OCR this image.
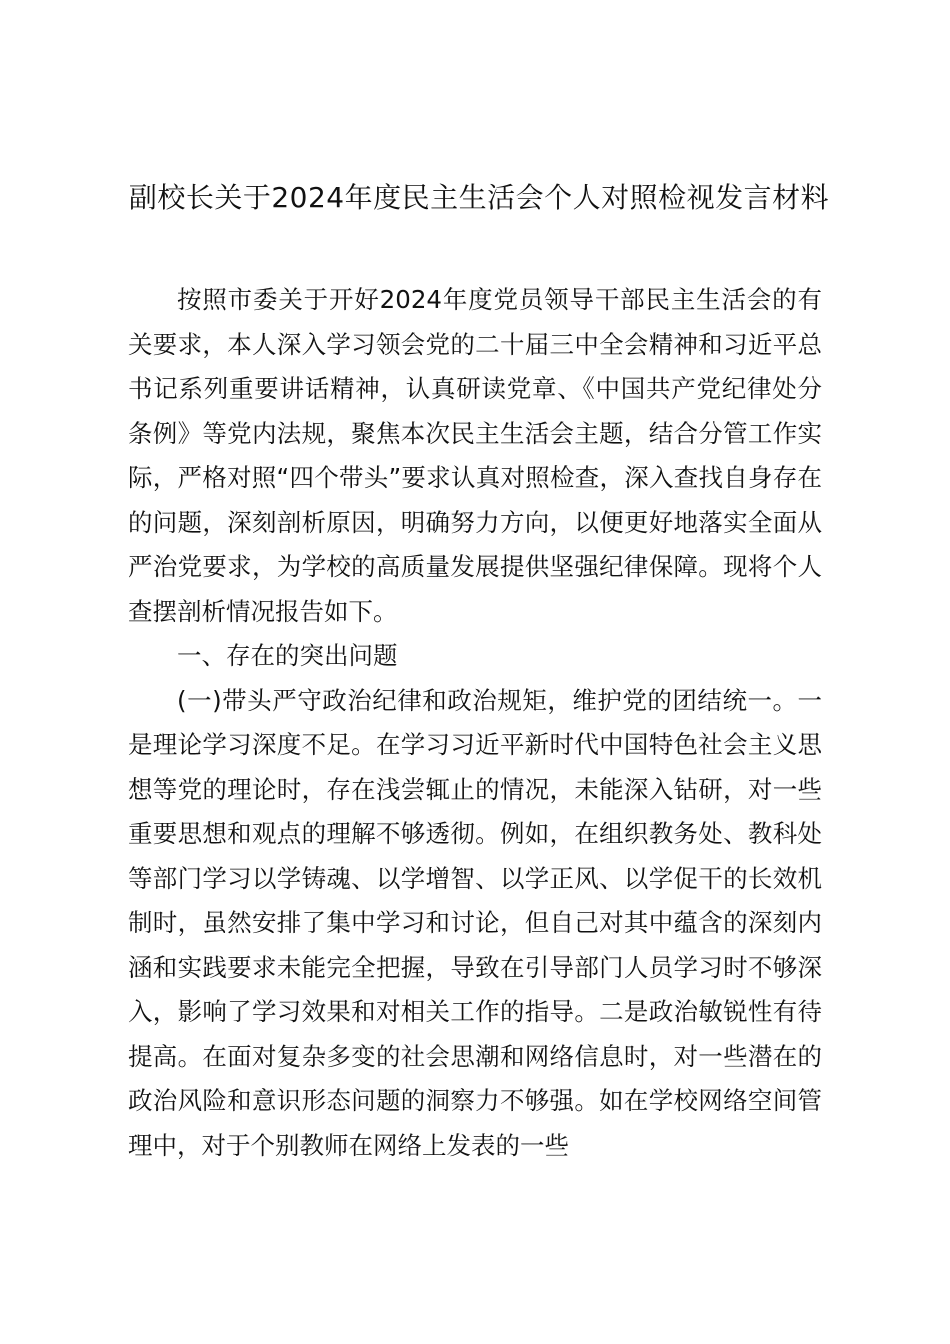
副校长关于2024年度民主生活会个人对照检视发言材料

按照市委关于开好2024年度党员领导干部民主生活会的有关要求，本人深入学习领会党的二十届三中全会精神和习近平总书记系列重要讲话精神，认真研读党章、《中国共产党纪律处分条例》等党内法规，聚焦本次民主生活会主题，结合分管工作实际，严格对照“四个带头”要求认真对照检查，深入查找自身存在的问题，深刻剖析原因，明确努力方向，以便更好地落实全面从严治党要求，为学校的高质量发展提供坚强纪律保障。现将个人查摆剖析情况报告如下。

一、存在的突出问题

(一)带头严守政治纪律和政治规矩，维护党的团结统一。一是理论学习深度不足。在学习习近平新时代中国特色社会主义思想等党的理论时，存在浅尝辄止的情况，未能深入钻研，对一些重要思想和观点的理解不够透彻。例如，在组织教务处、教科处等部门学习以学铸魂、以学增智、以学正风、以学促干的长效机制时，虽然安排了集中学习和讨论，但自己对其中蕴含的深刻内涵和实践要求未能完全把握，导致在引导部门人员学习时不够深入，影响了学习效果和对相关工作的指导。二是政治敏锐性有待提高。在面对复杂多变的社会思潮和网络信息时，对一些潜在的政治风险和意识形态问题的洞察力不够强。如在学校网络空间管理中，对于个别教师在网络上发表的一些
